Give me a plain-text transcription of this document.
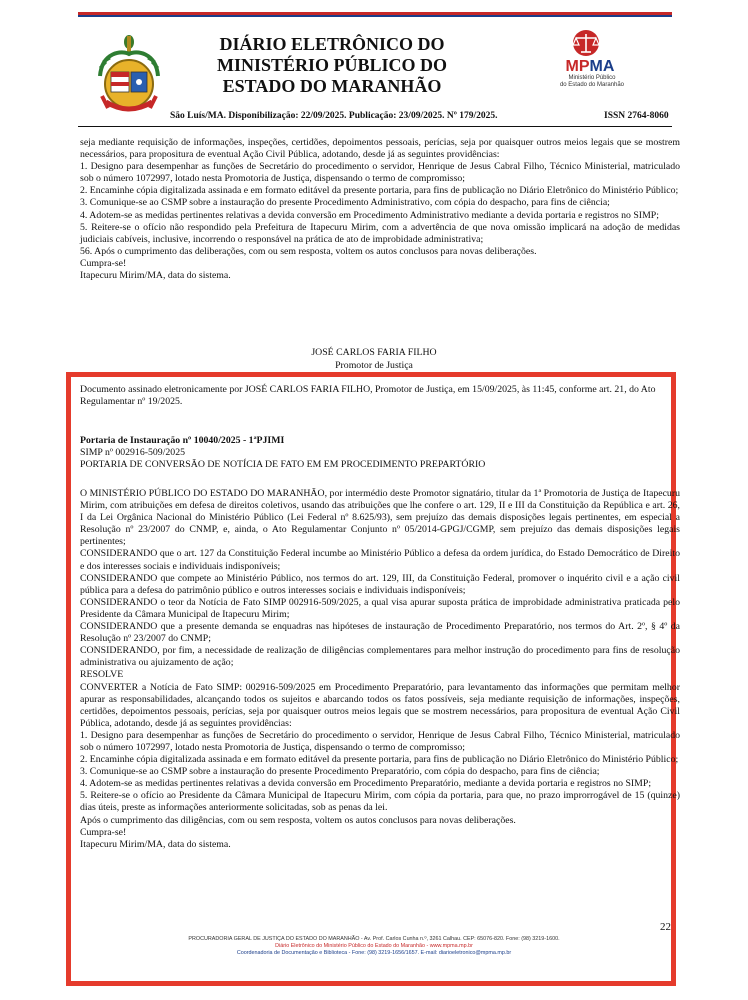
DIÁRIO ELETRÔNICO DO
MINISTÉRIO PÚBLICO DO
ESTADO DO MARANHÃO
MPMA
Ministério Público
do Estado do Maranhão
São Luís/MA. Disponibilização: 22/09/2025. Publicação: 23/09/2025. Nº 179/2025.	ISSN 2764-8060

seja mediante requisição de informações, inspeções, certidões, depoimentos pessoais, perícias, seja por quaisquer outros meios legais que se mostrem necessários, para propositura de eventual Ação Civil Pública, adotando, desde já as seguintes providências:

1. Designo para desempenhar as funções de Secretário do procedimento o servidor, Henrique de Jesus Cabral Filho, Técnico Ministerial, matriculado sob o número 1072997, lotado nesta Promotoria de Justiça, dispensando o termo de compromisso;

2. Encaminhe cópia digitalizada assinada e em formato editável da presente portaria, para fins de publicação no Diário Eletrônico do Ministério Público;

3. Comunique-se ao CSMP sobre a instauração do presente Procedimento Administrativo, com cópia do despacho, para fins de ciência;

4. Adotem-se as medidas pertinentes relativas a devida conversão em Procedimento Administrativo mediante a devida portaria e registros no SIMP;

5. Reitere-se o ofício não respondido pela Prefeitura de Itapecuru Mirim, com a advertência de que nova omissão implicará na adoção de medidas judiciais cabíveis, inclusive, incorrendo o responsável na prática de ato de improbidade administrativa;

56. Após o cumprimento das deliberações, com ou sem resposta, voltem os autos conclusos para novas deliberações.

Cumpra-se!

Itapecuru Mirim/MA, data do sistema.

JOSÉ CARLOS FARIA FILHO
Promotor de Justiça
Documento assinado eletronicamente por JOSÉ CARLOS FARIA FILHO, Promotor de Justiça, em 15/09/2025, às 11:45, conforme art. 21, do Ato Regulamentar nº 19/2025.
Portaria de Instauração nº 10040/2025 - 1ªPJIMI
SIMP nº 002916-509/2025
PORTARIA DE CONVERSÃO DE NOTÍCIA DE FATO EM EM PROCEDIMENTO PREPARTÓRIO

O MINISTÉRIO PÚBLICO DO ESTADO DO MARANHÃO, por intermédio deste Promotor signatário, titular da 1ª Promotoria de Justiça de Itapecuru Mirim, com atribuições em defesa de direitos coletivos, usando das atribuições que lhe confere o art. 129, II e III da Constituição da República e art. 26, I da Lei Orgânica Nacional do Ministério Público (Lei Federal nº 8.625/93), sem prejuízo das demais disposições legais pertinentes, em especial a Resolução nº 23/2007 do CNMP, e, ainda, o Ato Regulamentar Conjunto nº 05/2014-GPGJ/CGMP, sem prejuízo das demais disposições legais pertinentes;

CONSIDERANDO que o art. 127 da Constituição Federal incumbe ao Ministério Público a defesa da ordem jurídica, do Estado Democrático de Direito e dos interesses sociais e individuais indisponíveis;

CONSIDERANDO que compete ao Ministério Público, nos termos do art. 129, III, da Constituição Federal, promover o inquérito civil e a ação civil pública para a defesa do patrimônio público e outros interesses sociais e individuais indisponíveis;

CONSIDERANDO o teor da Notícia de Fato SIMP 002916-509/2025, a qual visa apurar suposta prática de improbidade administrativa praticada pelo Presidente da Câmara Municipal de Itapecuru Mirim;

CONSIDERANDO que a presente demanda se enquadras nas hipóteses de instauração de Procedimento Preparatório, nos termos do Art. 2º, § 4º da Resolução nº 23/2007 do CNMP;

CONSIDERANDO, por fim, a necessidade de realização de diligências complementares para melhor instrução do procedimento para fins de resolução administrativa ou ajuizamento de ação;

RESOLVE

CONVERTER a Notícia de Fato SIMP: 002916-509/2025 em Procedimento Preparatório, para levantamento das informações que permitam melhor apurar as responsabilidades, alcançando todos os sujeitos e abarcando todos os fatos possíveis, seja mediante requisição de informações, inspeções, certidões, depoimentos pessoais, perícias, seja por quaisquer outros meios legais que se mostrem necessários, para propositura de eventual Ação Civil Pública, adotando, desde já as seguintes providências:

1. Designo para desempenhar as funções de Secretário do procedimento o servidor, Henrique de Jesus Cabral Filho, Técnico Ministerial, matriculado sob o número 1072997, lotado nesta Promotoria de Justiça, dispensando o termo de compromisso;

2. Encaminhe cópia digitalizada assinada e em formato editável da presente portaria, para fins de publicação no Diário Eletrônico do Ministério Público;

3. Comunique-se ao CSMP sobre a instauração do presente Procedimento Preparatório, com cópia do despacho, para fins de ciência;

4. Adotem-se as medidas pertinentes relativas a devida conversão em Procedimento Preparatório, mediante a devida portaria e registros no SIMP;

5. Reitere-se o ofício ao Presidente da Câmara Municipal de Itapecuru Mirim, com cópia da portaria, para que, no prazo improrrogável de 15 (quinze) dias úteis, preste as informações anteriormente solicitadas, sob as penas da lei.

Após o cumprimento das diligências, com ou sem resposta, voltem os autos conclusos para novas deliberações.

Cumpra-se!

Itapecuru Mirim/MA, data do sistema.

22
PROCURADORIA GERAL DE JUSTIÇA DO ESTADO DO MARANHÃO - Av. Prof. Carlos Cunha n.º, 3261 Calhau. CEP: 65076-820. Fone: (98) 3219-1600.
Diário Eletrônico do Ministério Público do Estado do Maranhão - www.mpma.mp.br
Coordenadoria de Documentação e Biblioteca - Fone: (98) 3219-1656/1657. E-mail: diarioeletronico@mpma.mp.br
